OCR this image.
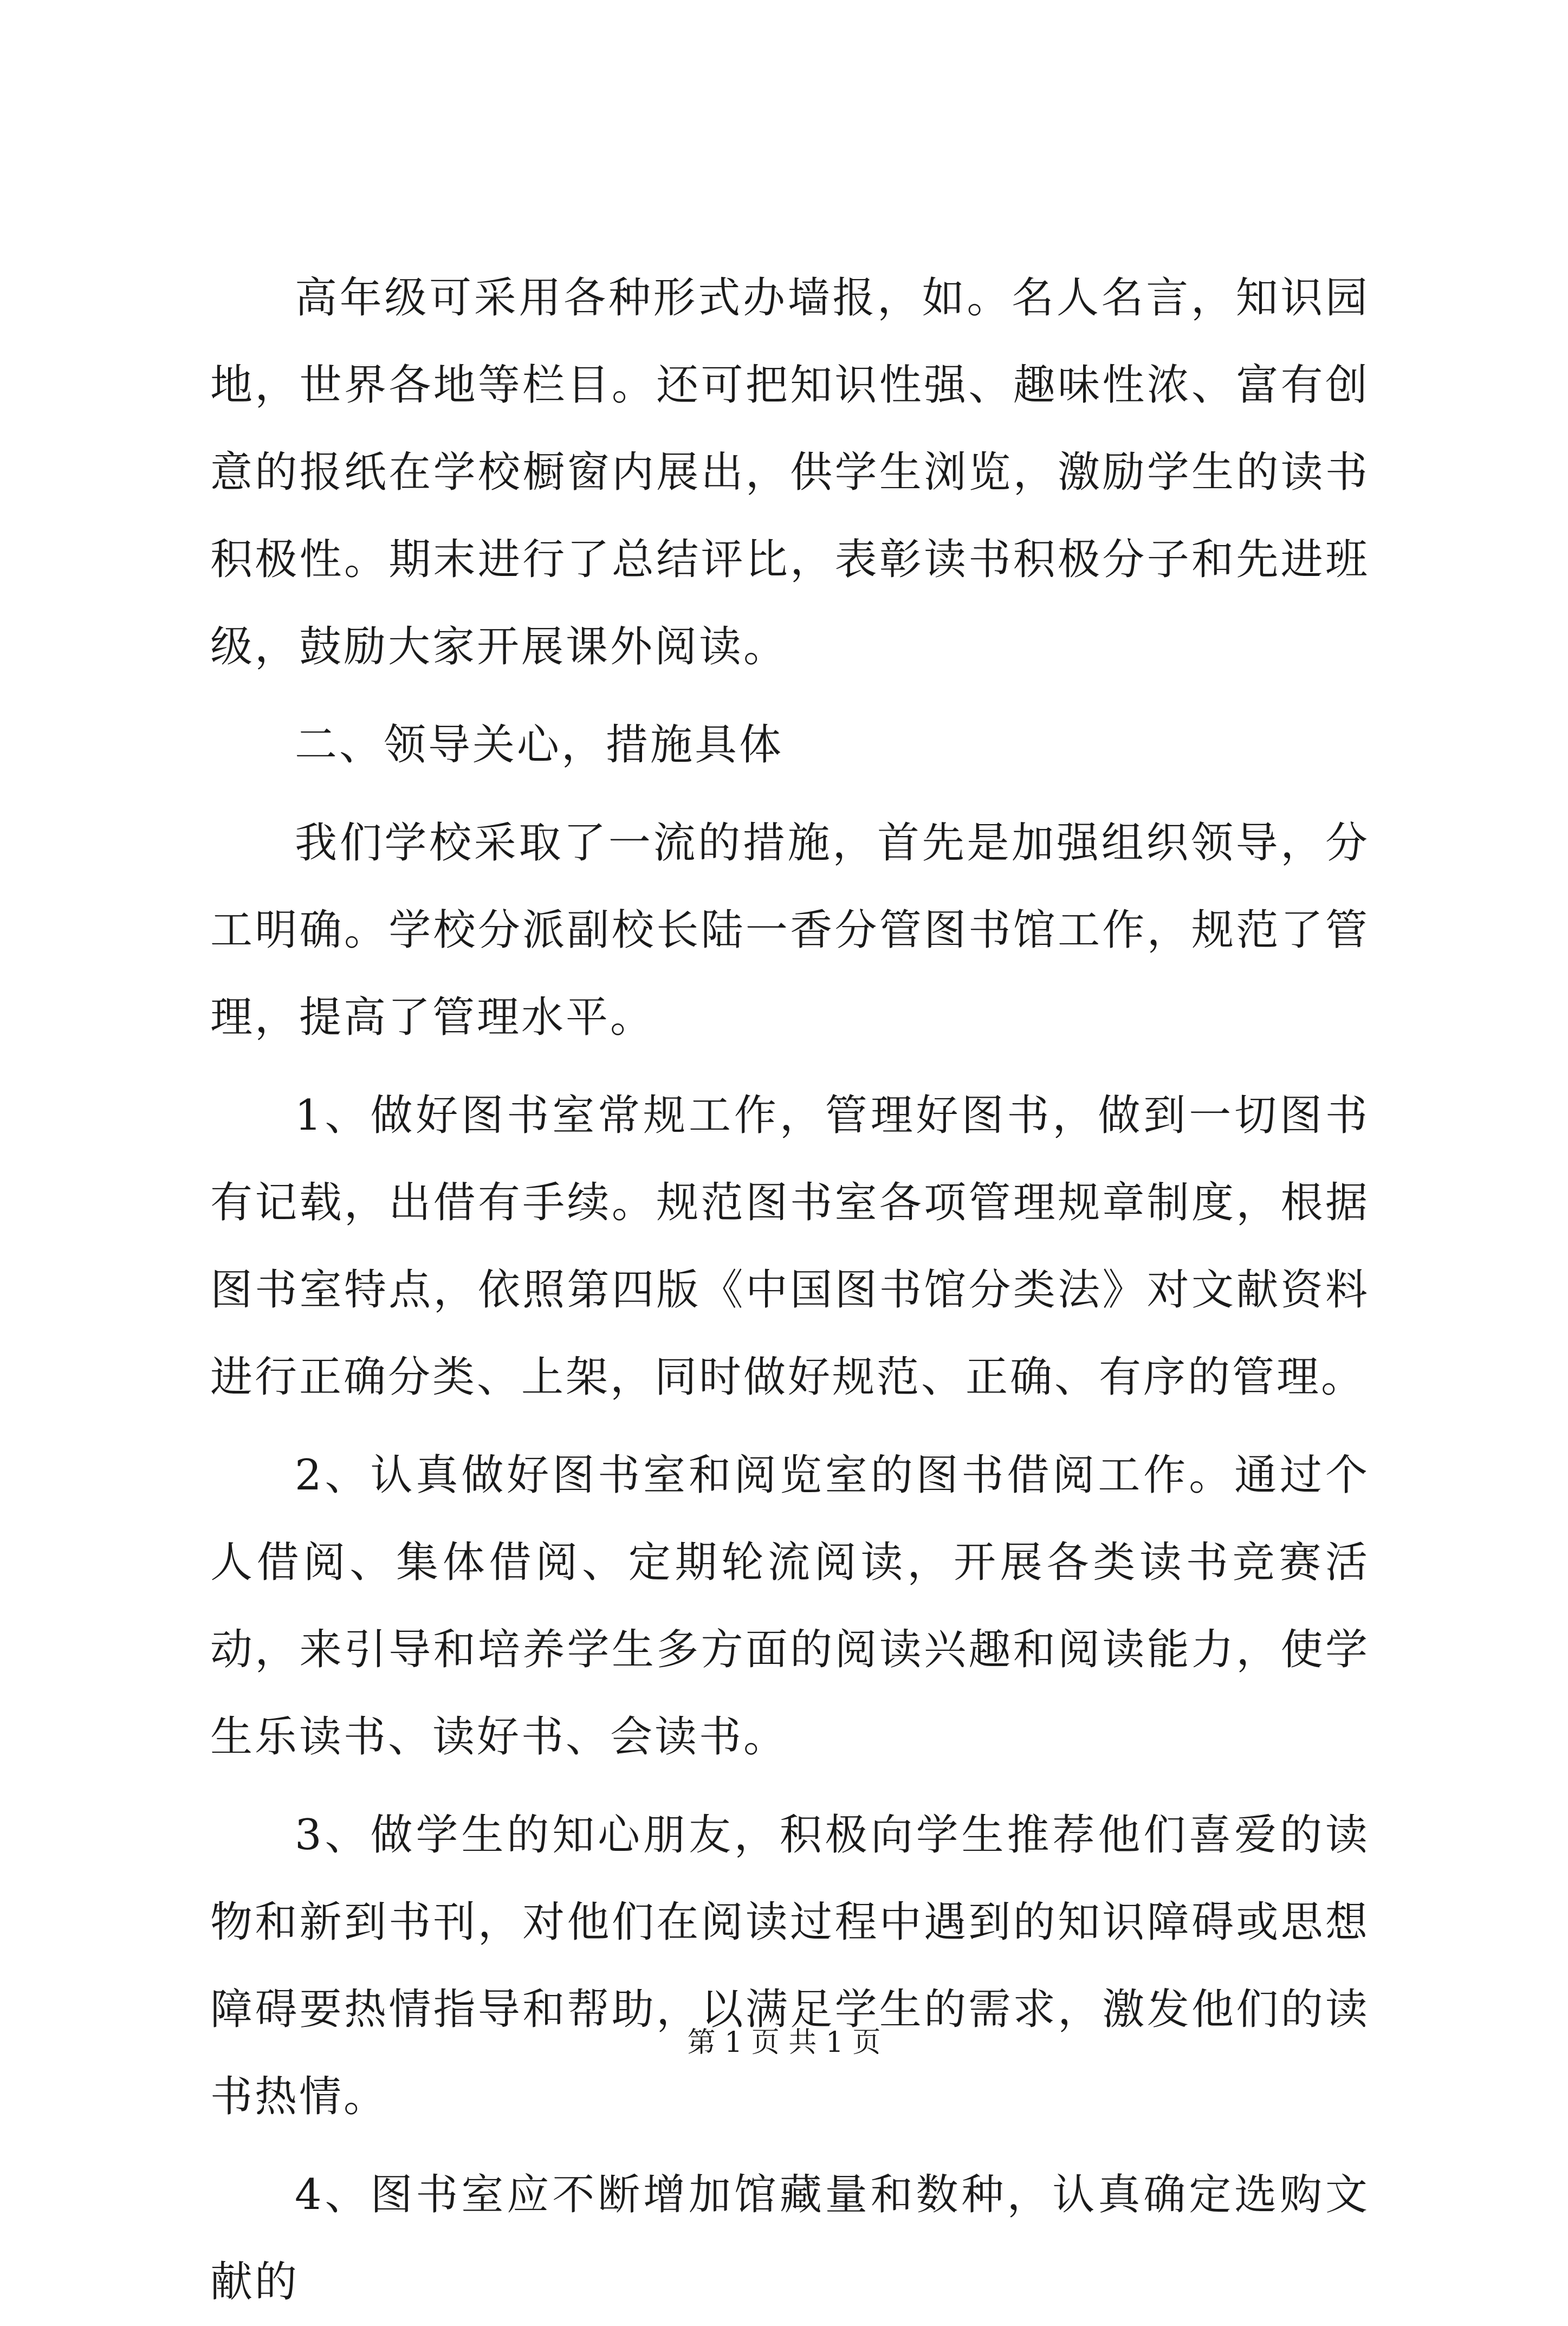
高年级可采用各种形式办墙报，如。名人名言，知识园地，世界各地等栏目。还可把知识性强、趣味性浓、富有创意的报纸在学校橱窗内展出，供学生浏览，激励学生的读书积极性。期末进行了总结评比，表彰读书积极分子和先进班级，鼓励大家开展课外阅读。

二、领导关心，措施具体

我们学校采取了一流的措施，首先是加强组织领导，分工明确。学校分派副校长陆一香分管图书馆工作，规范了管理，提高了管理水平。

1、做好图书室常规工作，管理好图书，做到一切图书有记载，出借有手续。规范图书室各项管理规章制度，根据图书室特点，依照第四版《中国图书馆分类法》对文献资料进行正确分类、上架，同时做好规范、正确、有序的管理。

2、认真做好图书室和阅览室的图书借阅工作。通过个人借阅、集体借阅、定期轮流阅读，开展各类读书竞赛活动，来引导和培养学生多方面的阅读兴趣和阅读能力，使学生乐读书、读好书、会读书。

3、做学生的知心朋友，积极向学生推荐他们喜爱的读物和新到书刊，对他们在阅读过程中遇到的知识障碍或思想障碍要热情指导和帮助，以满足学生的需求，激发他们的读书热情。

4、图书室应不断增加馆藏量和数种，认真确定选购文献的

第 1 页 共 1 页
